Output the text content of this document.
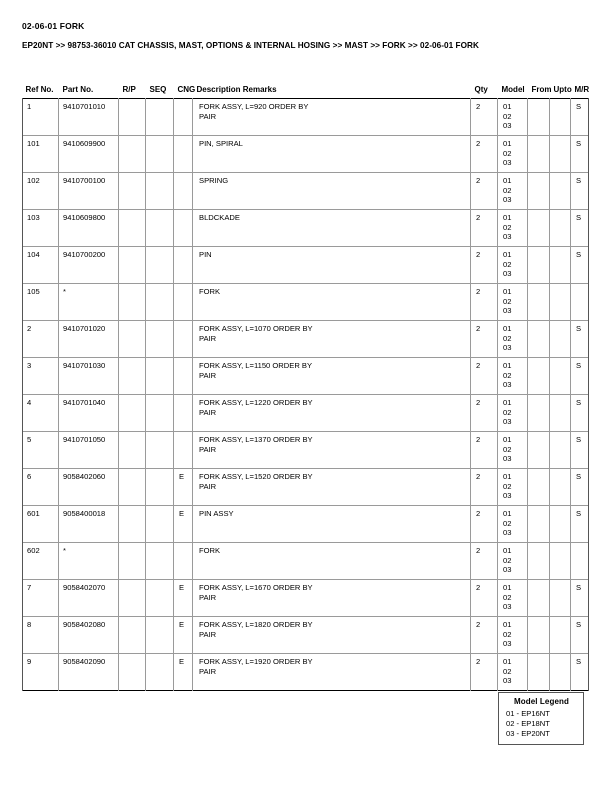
02-06-01 FORK
EP20NT >> 98753-36010 CAT CHASSIS, MAST, OPTIONS & INTERNAL HOSING >> MAST >> FORK >> 02-06-01 FORK
Ref No.	Part No.	R/P	SEQ	CNG	Description Remarks	Qty	Model	From	Upto	M/R
1	9410701010				FORK ASSY, L=920 ORDER BY
PAIR	2	01
02
03			S
101	9410609900				PIN, SPIRAL	2	01
02
03			S
102	9410700100				SPRING	2	01
02
03			S
103	9410609800				BLDCKADE	2	01
02
03			S
104	9410700200				PIN	2	01
02
03			S
105	*				FORK	2	01
02
03			

2	9410701020				FORK ASSY, L=1070 ORDER BY
PAIR	2	01
02
03			S
3	9410701030				FORK ASSY, L=1150 ORDER BY
PAIR	2	01
02
03			S
4	9410701040				FORK ASSY, L=1220 ORDER BY
PAIR	2	01
02
03			S
5	9410701050				FORK ASSY, L=1370 ORDER BY
PAIR	2	01
02
03			S
6	9058402060			E	FORK ASSY, L=1520 ORDER BY
PAIR	2	01
02
03			S
601	9058400018			E	PIN ASSY	2	01
02
03			S
602	*				FORK	2	01
02
03			

7	9058402070			E	FORK ASSY, L=1670 ORDER BY
PAIR	2	01
02
03			S
8	9058402080			E	FORK ASSY, L=1820 ORDER BY
PAIR	2	01
02
03			S
9	9058402090			E	FORK ASSY, L=1920 ORDER BY
PAIR	2	01
02
03			S
Model Legend
01 - EP16NT
02 - EP18NT
03 - EP20NT
